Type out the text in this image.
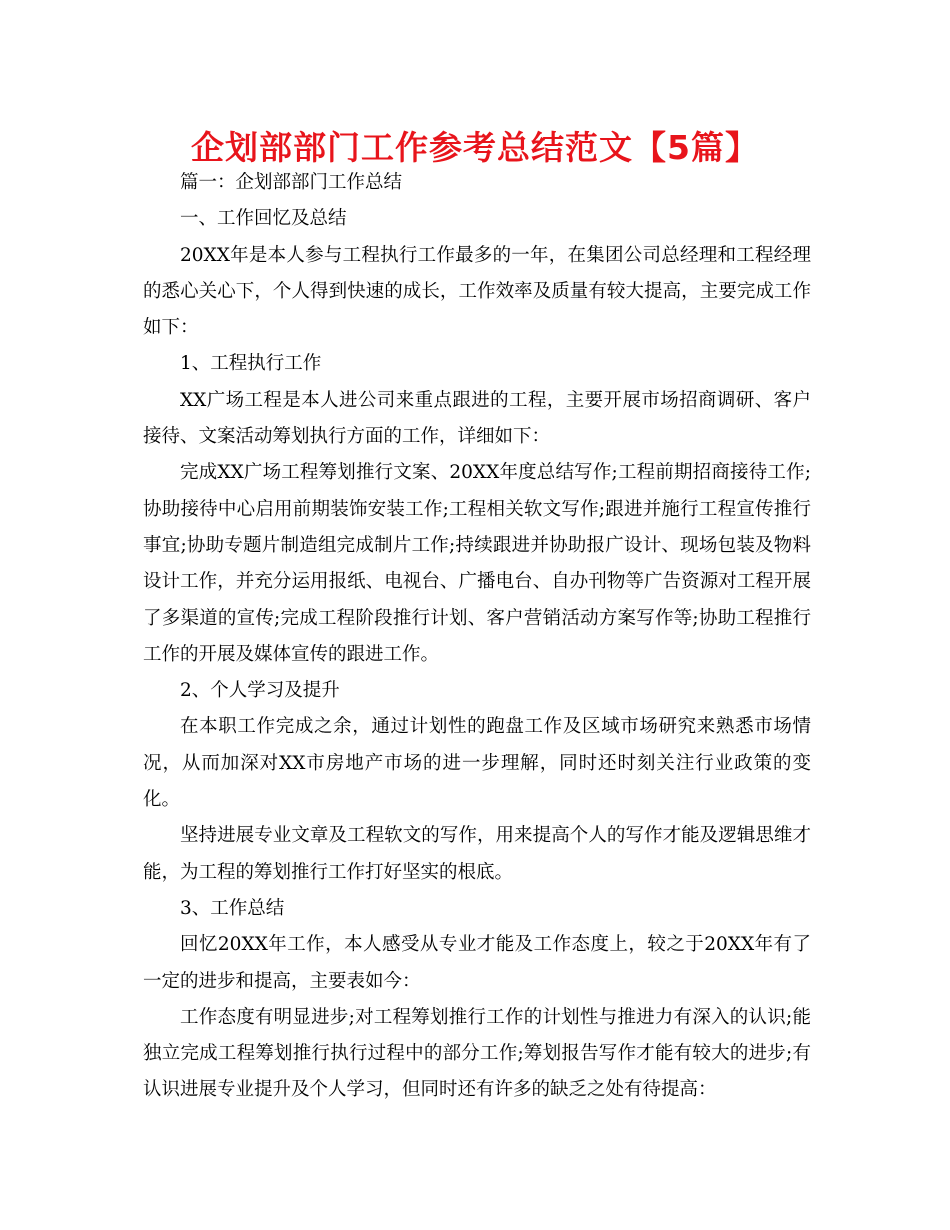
企划部部门工作参考总结范文【5篇】

篇一：企划部部门工作总结

一、工作回忆及总结

20XX年是本人参与工程执行工作最多的一年，在集团公司总经理和工程经理的悉心关心下，个人得到快速的成长，工作效率及质量有较大提高，主要完成工作如下：

1、工程执行工作

XX广场工程是本人进公司来重点跟进的工程，主要开展市场招商调研、客户接待、文案活动筹划执行方面的工作，详细如下：

完成XX广场工程筹划推行文案、20XX年度总结写作;工程前期招商接待工作;协助接待中心启用前期装饰安装工作;工程相关软文写作;跟进并施行工程宣传推行事宜;协助专题片制造组完成制片工作;持续跟进并协助报广设计、现场包装及物料设计工作，并充分运用报纸、电视台、广播电台、自办刊物等广告资源对工程开展了多渠道的宣传;完成工程阶段推行计划、客户营销活动方案写作等;协助工程推行工作的开展及媒体宣传的跟进工作。

2、个人学习及提升

在本职工作完成之余，通过计划性的跑盘工作及区域市场研究来熟悉市场情况，从而加深对XX市房地产市场的进一步理解，同时还时刻关注行业政策的变化。

坚持进展专业文章及工程软文的写作，用来提高个人的写作才能及逻辑思维才能，为工程的筹划推行工作打好坚实的根底。

3、工作总结

回忆20XX年工作，本人感受从专业才能及工作态度上，较之于20XX年有了一定的进步和提高，主要表如今：

工作态度有明显进步;对工程筹划推行工作的计划性与推进力有深入的认识;能独立完成工程筹划推行执行过程中的部分工作;筹划报告写作才能有较大的进步;有认识进展专业提升及个人学习，但同时还有许多的缺乏之处有待提高：
